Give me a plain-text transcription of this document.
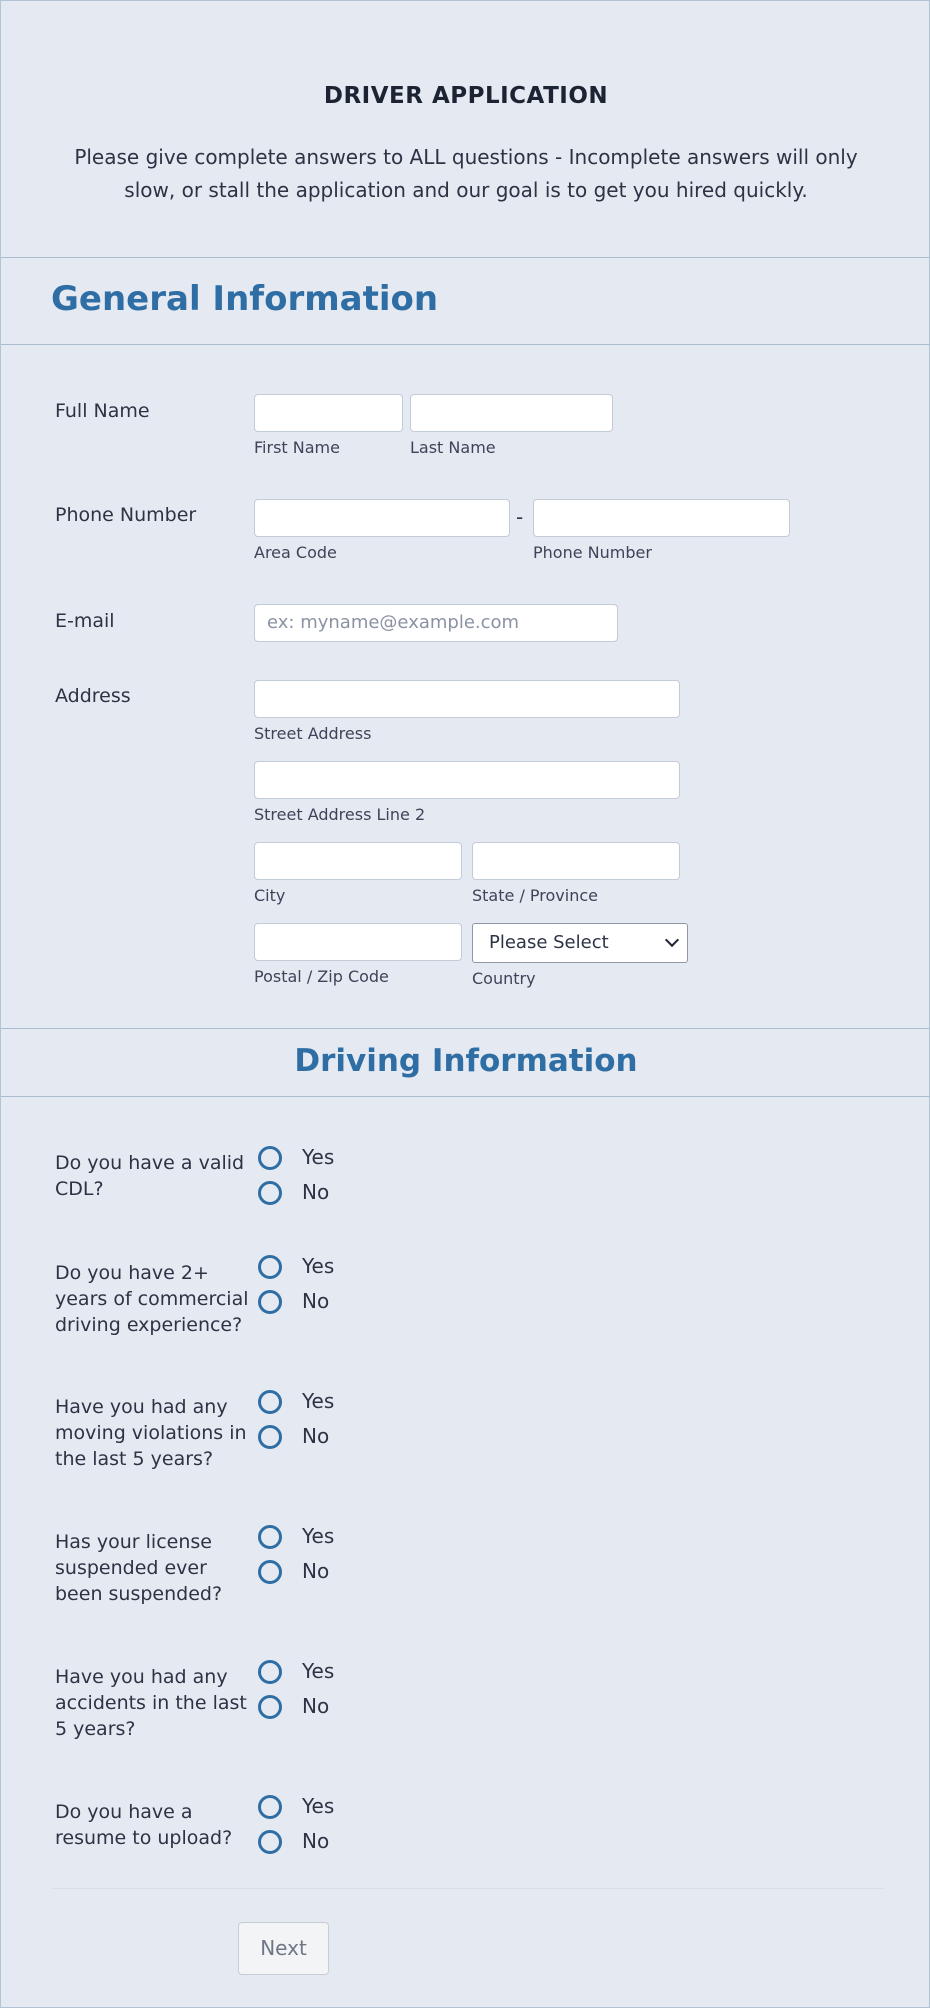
DRIVER APPLICATION
Please give complete answers to ALL questions - Incomplete answers will only slow, or stall the application and our goal is to get you hired quickly.
General Information
Full Name
First Name	Last Name
Phone Number	-
Area Code	Phone Number
E-mail	ex: myname@example.com
Address
Street Address
Street Address Line 2
City	State / Province
Please Select
Postal / Zip Code	Country
Driving Information
Do you have a valid CDL?
Yes
No
Do you have 2+ years of commercial driving experience?
Yes
No
Have you had any moving violations in the last 5 years?
Yes
No
Has your license suspended ever been suspended?
Yes
No
Have you had any accidents in the last 5 years?
Yes
No
Do you have a resume to upload?
Yes
No
Next
